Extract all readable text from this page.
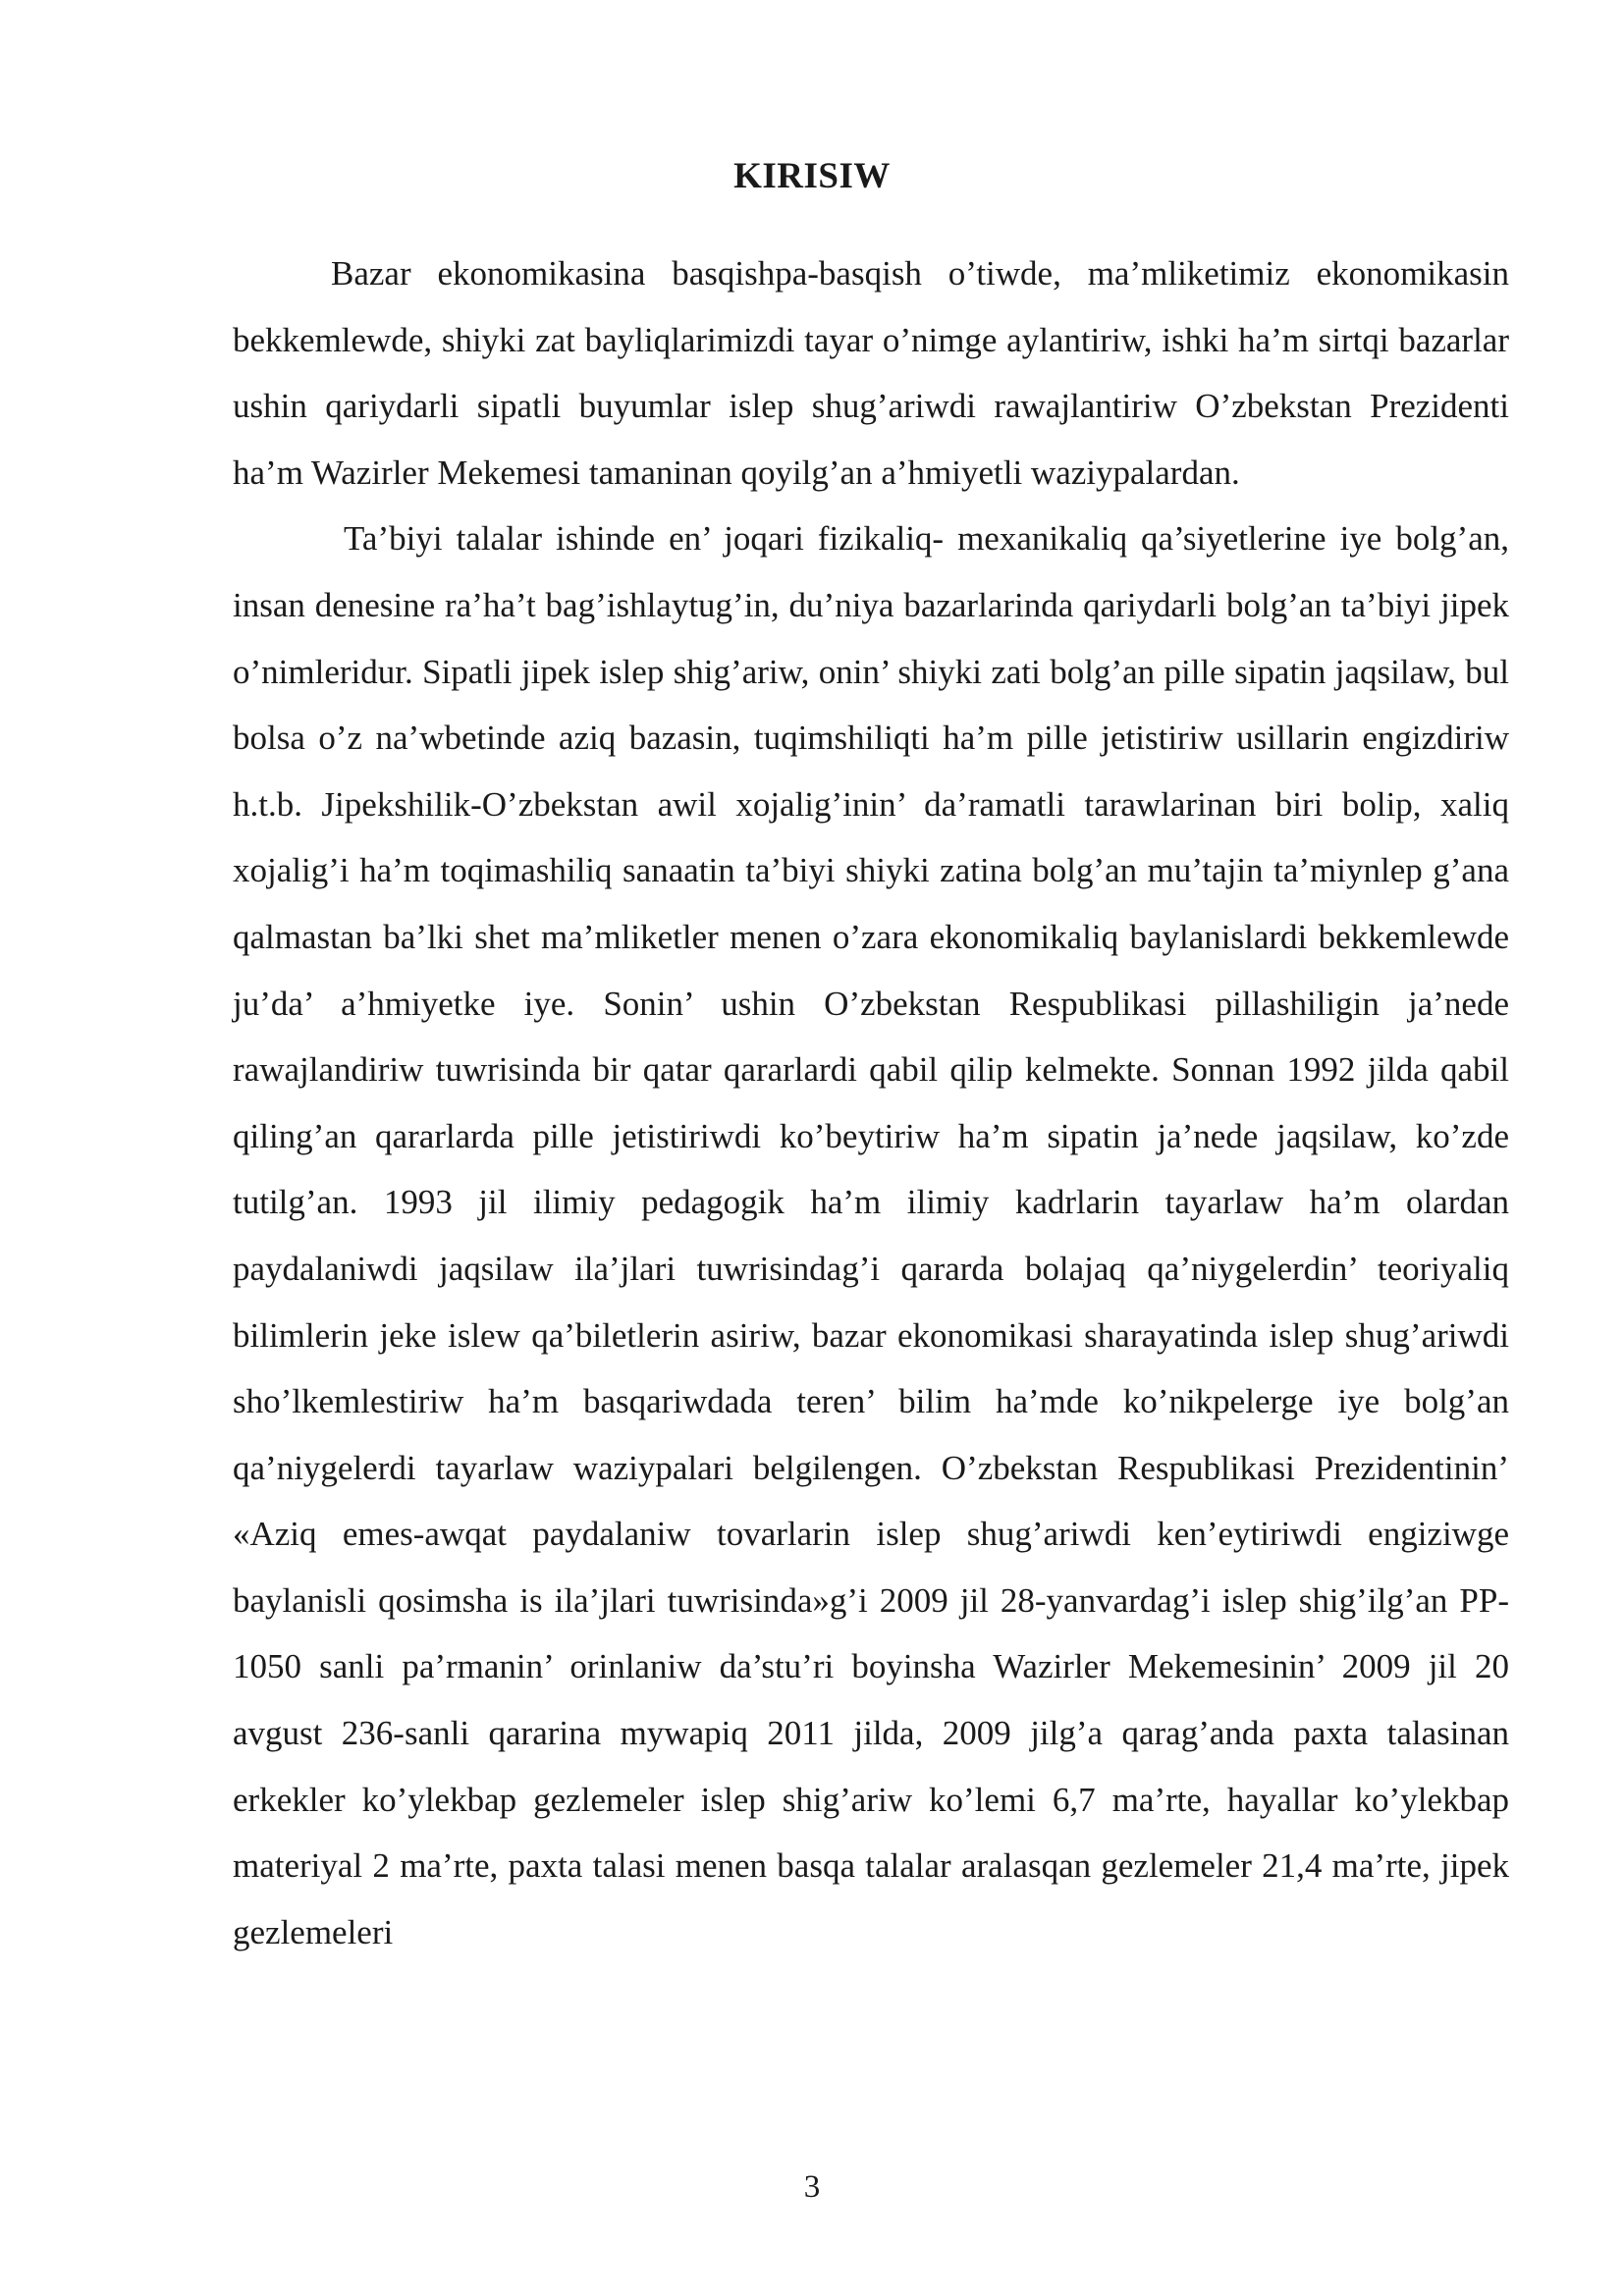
KIRISIW

Bazar ekonomikasina basqishpa-basqish o’tiwde, ma’mliketimiz ekonomikasin bekkemlewde, shiyki zat bayliqlarimizdi tayar o’nimge aylantiriw, ishki ha’m sirtqi bazarlar ushin qariydarli sipatli buyumlar islep shug’ariwdi rawajlantiriw O’zbekstan Prezidenti ha’m Wazirler Mekemesi tamaninan qoyilg’an a’hmiyetli waziypalardan.

Ta’biyi talalar ishinde en’ joqari fizikaliq- mexanikaliq qa’siyetlerine iye bolg’an, insan denesine ra’ha’t bag’ishlaytug’in, du’niya bazarlarinda qariydarli bolg’an ta’biyi jipek o’nimleridur. Sipatli jipek islep shig’ariw, onin’ shiyki zati bolg’an pille sipatin jaqsilaw, bul bolsa o’z na’wbetinde aziq bazasin, tuqimshiliqti ha’m pille jetistiriw usillarin engizdiriw h.t.b. Jipekshilik-O’zbekstan awil xojalig’inin’ da’ramatli tarawlarinan biri bolip, xaliq xojalig’i ha’m toqimashiliq sanaatin ta’biyi shiyki zatina bolg’an mu’tajin ta’miynlep g’ana qalmastan ba’lki shet ma’mliketler menen o’zara ekonomikaliq baylanislardi bekkemlewde ju’da’ a’hmiyetke iye. Sonin’ ushin O’zbekstan Respublikasi pillashiligin ja’nede rawajlandiriw tuwrisinda bir qatar qararlardi qabil qilip kelmekte. Sonnan 1992 jilda qabil qiling’an qararlarda pille jetistiriwdi ko’beytiriw ha’m sipatin ja’nede jaqsilaw, ko’zde tutilg’an. 1993 jil ilimiy pedagogik ha’m ilimiy kadrlarin tayarlaw ha’m olardan paydalaniwdi jaqsilaw ila’jlari tuwrisindag’i qararda bolajaq qa’niygelerdin’ teoriyaliq bilimlerin jeke islew qa’biletlerin asiriw, bazar ekonomikasi sharayatinda islep shug’ariwdi sho’lkemlestiriw ha’m basqariwdada teren’ bilim ha’mde ko’nikpelerge iye bolg’an qa’niygelerdi tayarlaw waziypalari belgilengen. O’zbekstan Respublikasi Prezidentinin’ «Aziq emes-awqat paydalaniw tovarlarin islep shug’ariwdi ken’eytiriwdi engiziwge baylanisli qosimsha is ila’jlari tuwrisinda»g’i 2009 jil 28-yanvardag’i islep shig’ilg’an PP-1050 sanli pa’rmanin’ orinlaniw da’stu’ri boyinsha Wazirler Mekemesinin’ 2009 jil 20 avgust 236-sanli qararina mywapiq 2011 jilda, 2009 jilg’a qarag’anda paxta talasinan erkekler ko’ylekbap gezlemeler islep shig’ariw ko’lemi 6,7 ma’rte, hayallar ko’ylekbap materiyal 2 ma’rte, paxta talasi menen basqa talalar aralasqan gezlemeler 21,4 ma’rte, jipek gezlemeleri

3
